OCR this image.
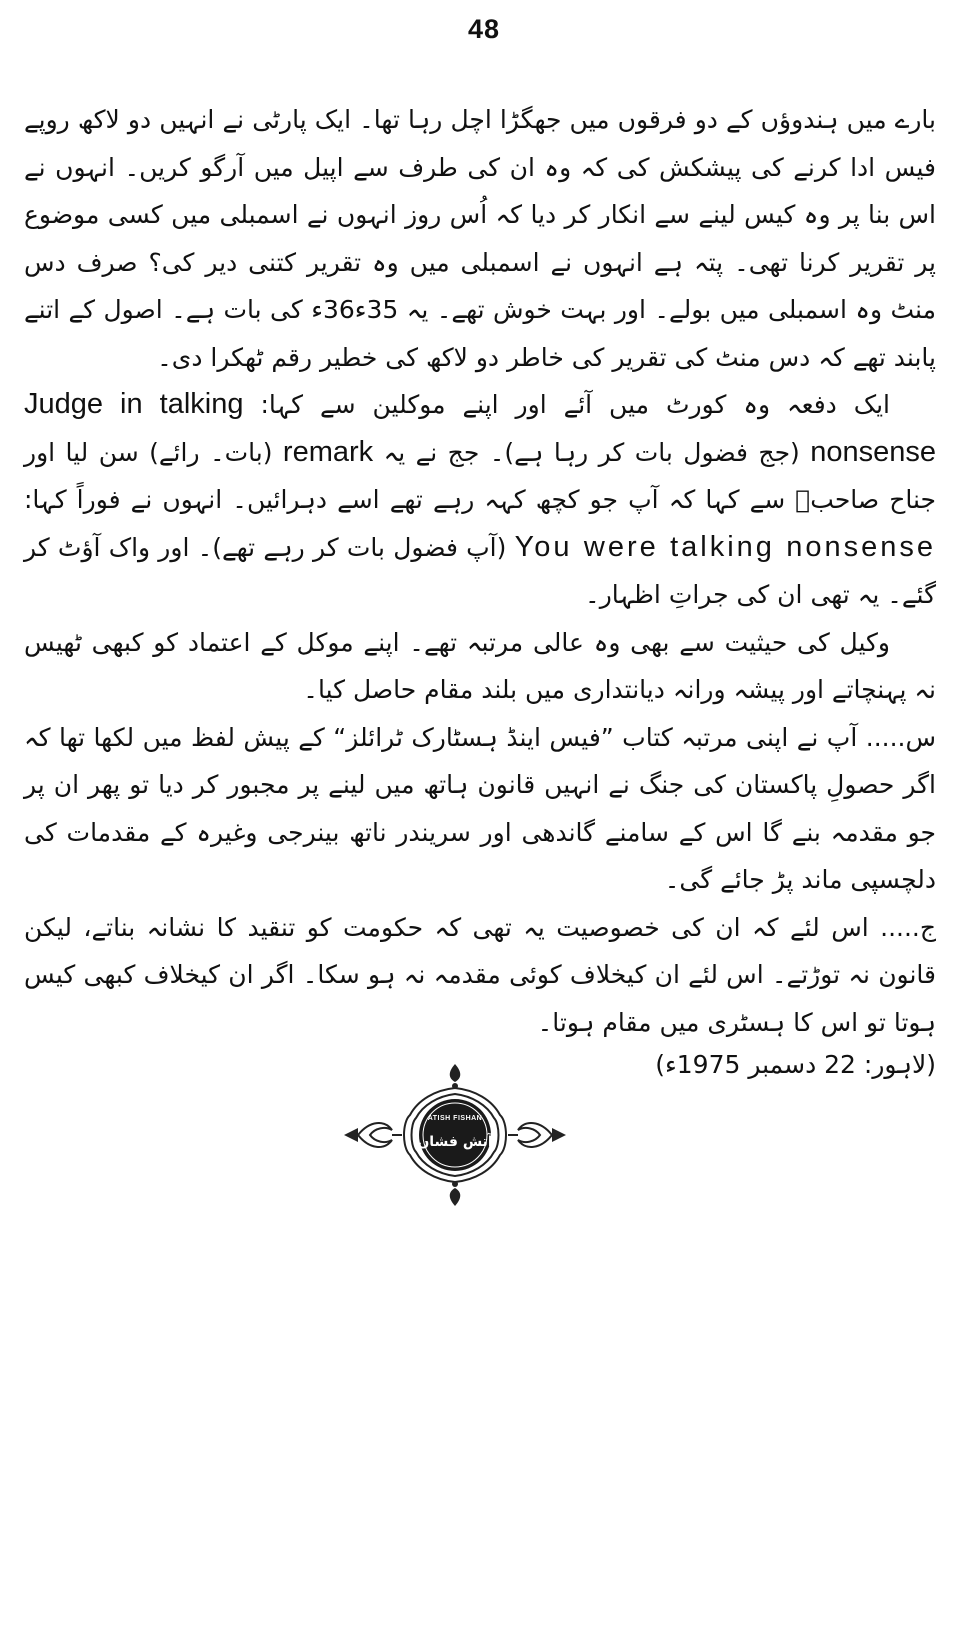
48

بارے میں ہندوؤں کے دو فرقوں میں جھگڑا اچل رہا تھا۔ ایک پارٹی نے انہیں دو لاکھ روپے فیس ادا کرنے کی پیشکش کی کہ وہ ان کی طرف سے اپیل میں آرگو کریں۔ انہوں نے اس بنا پر وہ کیس لینے سے انکار کر دیا کہ اُس روز انہوں نے اسمبلی میں کسی موضوع پر تقریر کرنا تھی۔ پتہ ہے انہوں نے اسمبلی میں وہ تقریر کتنی دیر کی؟ صرف دس منٹ وہ اسمبلی میں بولے۔ اور بہت خوش تھے۔ یہ 35ء36ء کی بات ہے۔ اصول کے اتنے پابند تھے کہ دس منٹ کی تقریر کی خاطر دو لاکھ کی خطیر رقم ٹھکرا دی۔

ایک دفعہ وہ کورٹ میں آئے اور اپنے موکلین سے کہا: Judge in talking nonsense (جج فضول بات کر رہا ہے)۔ جج نے یہ remark (بات۔ رائے) سن لیا اور جناح صاحبؒ سے کہا کہ آپ جو کچھ کہہ رہے تھے اسے دہرائیں۔ انہوں نے فوراً کہا: You were talking nonsense (آپ فضول بات کر رہے تھے)۔ اور واک آؤٹ کر گئے۔ یہ تھی ان کی جراتِ اظہار۔

وکیل کی حیثیت سے بھی وہ عالی مرتبہ تھے۔ اپنے موکل کے اعتماد کو کبھی ٹھیس نہ پہنچاتے اور پیشہ ورانہ دیانتداری میں بلند مقام حاصل کیا۔

س..... آپ نے اپنی مرتبہ کتاب ”فیس اینڈ ہسٹارک ٹرائلز“ کے پیش لفظ میں لکھا تھا کہ اگر حصولِ پاکستان کی جنگ نے انہیں قانون ہاتھ میں لینے پر مجبور کر دیا تو پھر ان پر جو مقدمہ بنے گا اس کے سامنے گاندھی اور سریندر ناتھ بینرجی وغیرہ کے مقدمات کی دلچسپی ماند پڑ جائے گی۔

ج..... اس لئے کہ ان کی خصوصیت یہ تھی کہ حکومت کو تنقید کا نشانہ بناتے، لیکن قانون نہ توڑتے۔ اس لئے ان کیخلاف کوئی مقدمہ نہ ہو سکا۔ اگر ان کیخلاف کبھی کیس ہوتا تو اس کا ہسٹری میں مقام ہوتا۔

(لاہور: 22 دسمبر 1975ء)
ATISH FISHAN
آتش فشاں
